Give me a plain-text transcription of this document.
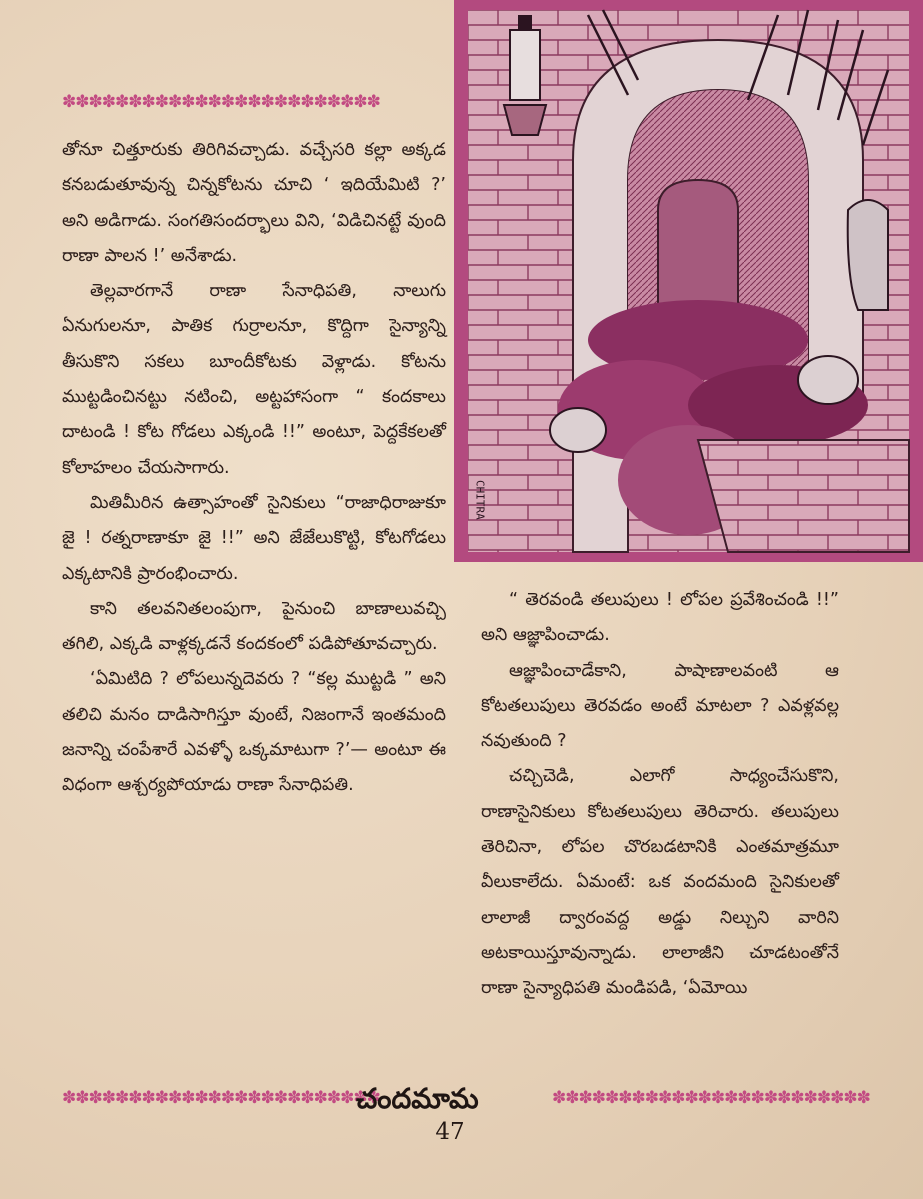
✽✽✽✽✽✽✽✽✽✽✽✽✽✽✽✽✽✽✽✽✽✽✽✽

తోనూ చిత్తూరుకు తిరిగివచ్చాడు. వచ్చేసరి కల్లా అక్కడ కనబడుతూవున్న చిన్నకోటను చూచి ‘ ఇదియేమిటి ?’ అని అడిగాడు. సంగతిసందర్భాలు విని, ‘విడిచినట్టే వుంది రాణా పాలన !’ అనేశాడు.

తెల్లవారగానే రాణా సేనాధిపతి, నాలుగు ఏనుగులనూ, పాతిక గుర్రాలనూ, కొద్దిగా సైన్యాన్ని తీసుకొని సకలు బూందీకోటకు వెళ్లాడు. కోటను ముట్టడించినట్టు నటించి, అట్టహాసంగా “ కందకాలు దాటండి ! కోట గోడలు ఎక్కండి !!” అంటూ, పెద్దకేకలతో కోలాహలం చేయసాగారు.

మితిమీరిన ఉత్సాహంతో సైనికులు “రాజాధిరాజుకూ జై ! రత్నరాణాకూ జై !!” అని జేజేలుకొట్టి, కోటగోడలు ఎక్కటానికి ప్రారంభించారు.

కాని తలవనితలంపుగా, పైనుంచి బాణాలువచ్చి తగిలి, ఎక్కడి వాళ్లక్కడనే కందకంలో పడిపోతూవచ్చారు.

‘ఏమిటిది ? లోపలున్నదెవరు ? “కల్ల ముట్టడి ” అని తలిచి మనం దాడిసాగిస్తూ వుంటే, నిజంగానే ఇంతమంది జనాన్ని చంపేశారే ఎవళ్ళో ఒక్కమాటుగా ?’— అంటూ ఈ విధంగా ఆశ్చర్యపోయాడు రాణా సేనాధిపతి.

CHITRA

“ తెరవండి తలుపులు ! లోపల ప్రవేశించండి !!” అని ఆజ్ఞాపించాడు.

ఆజ్ఞాపించాడేకాని, పాషాణాలవంటి ఆ కోటతలుపులు తెరవడం అంటే మాటలా ? ఎవళ్లవల్ల నవుతుంది ?

చచ్చిచెడి, ఎలాగో సాధ్యంచేసుకొని, రాణాసైనికులు కోటతలుపులు తెరిచారు. తలుపులు తెరిచినా, లోపల చొరబడటానికి ఎంతమాత్రమూ వీలుకాలేదు. ఏమంటే: ఒక వందమంది సైనికులతో లాలాజీ ద్వారంవద్ద అడ్డు నిల్చుని వారిని అటకాయిస్తూవున్నాడు. లాలాజీని చూడటంతోనే రాణా సైన్యాధిపతి మండిపడి, ‘ఏమోయి

✽✽✽✽✽✽✽✽✽✽✽✽✽✽✽✽✽✽✽✽✽✽✽✽
చందమామ	✽✽✽✽✽✽✽✽✽✽✽✽✽✽✽✽✽✽✽✽✽✽✽✽
47
